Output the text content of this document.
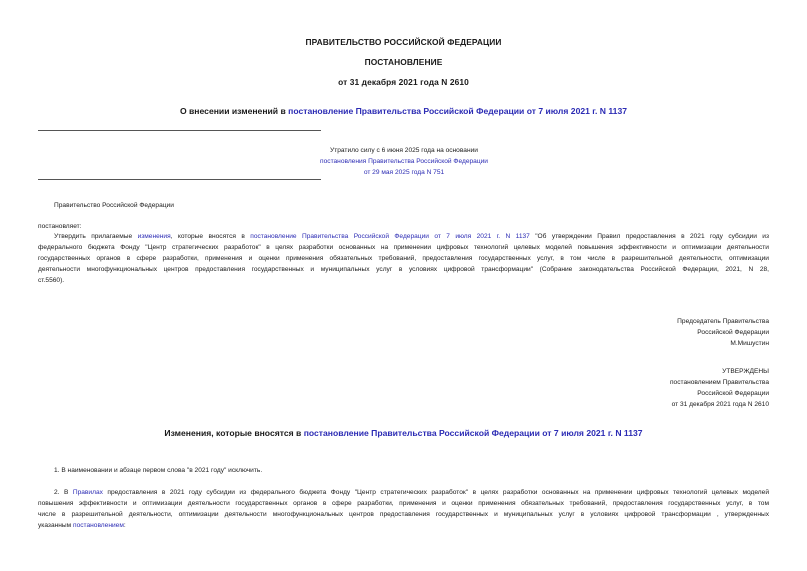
ПРАВИТЕЛЬСТВО РОССИЙСКОЙ ФЕДЕРАЦИИ
ПОСТАНОВЛЕНИЕ
от 31 декабря 2021 года N 2610
О внесении изменений в постановление Правительства Российской Федерации от 7 июля 2021 г. N 1137
Утратило силу с 6 июня 2025 года на основании
постановления Правительства Российской Федерации
от 29 мая 2025 года N 751
Правительство Российской Федерации
постановляет:
Утвердить прилагаемые изменения, которые вносятся в постановление Правительства Российской Федерации от 7 июля 2021 г. N 1137 "Об утверждении Правил предоставления в 2021 году субсидии из
федерального бюджета Фонду "Центр стратегических разработок" в целях разработки основанных на применении цифровых технологий целевых моделей повышения эффективности и оптимизации деятельности
государственных органов в сфере разработки, применения и оценки применения обязательных требований, предоставления государственных услуг, в том числе в разрешительной деятельности, оптимизации
деятельности многофункциональных центров предоставления государственных и муниципальных услуг в условиях цифровой трансформации" (Собрание законодательства Российской Федерации, 2021, N 28,
ст.5560).
Председатель Правительства
Российской Федерации
М.Мишустин
УТВЕРЖДЕНЫ
постановлением Правительства
Российской Федерации
от 31 декабря 2021 года N 2610
Изменения, которые вносятся в постановление Правительства Российской Федерации от 7 июля 2021 г. N 1137
1. В наименовании и абзаце первом слова "в 2021 году" исключить.
2. В Правилах предоставления в 2021 году субсидии из федерального бюджета Фонду "Центр стратегических разработок" в целях разработки основанных на применении цифровых технологий целевых моделей
повышения эффективности и оптимизации деятельности государственных органов в сфере разработки, применения и оценки применения обязательных требований, предоставления государственных услуг, в том
числе в разрешительной деятельности, оптимизации деятельности многофункциональных центров предоставления государственных и муниципальных услуг в условиях цифровой трансформации , утвержденных
указанным постановлением:
